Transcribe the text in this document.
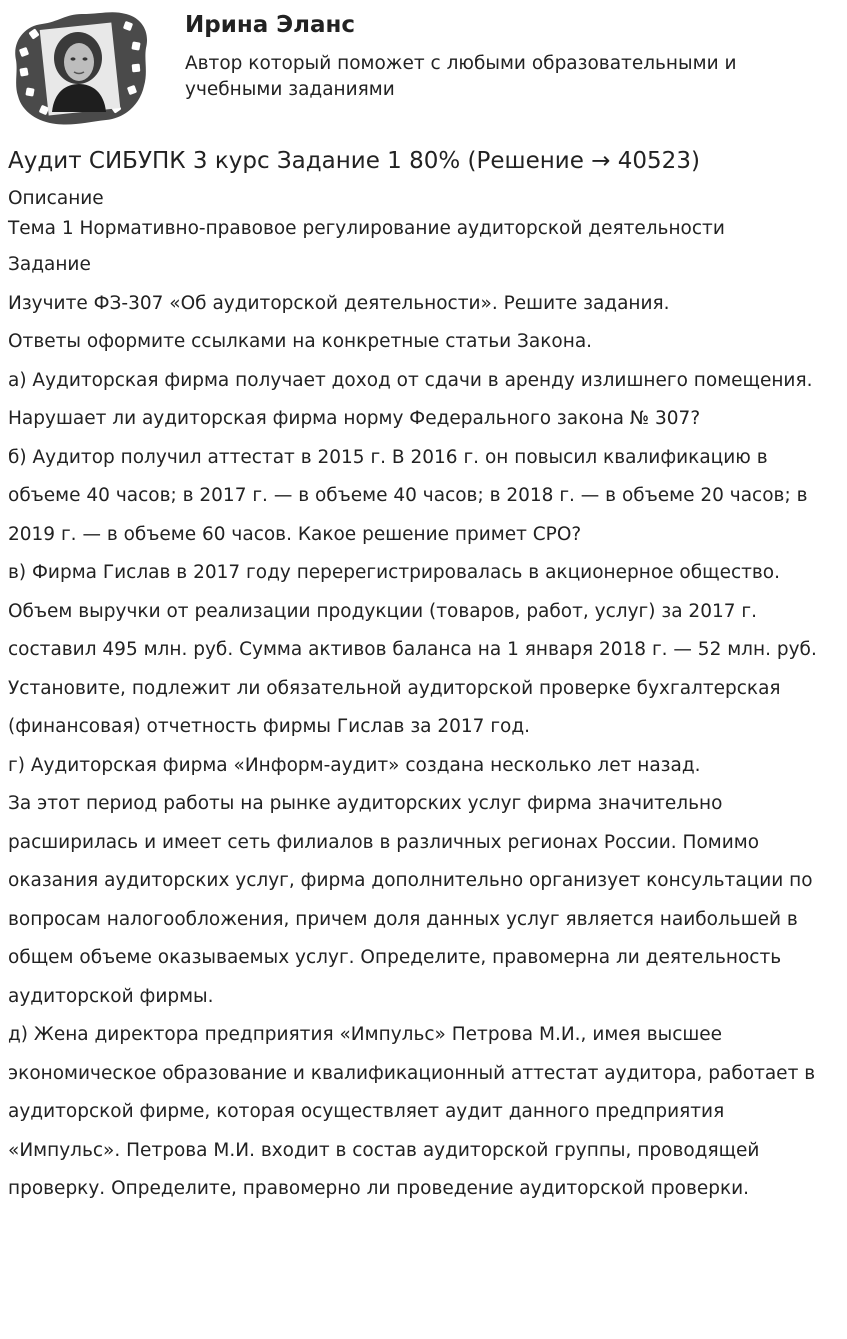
Ирина Эланс
Автор который поможет с любыми образовательными и учебными заданиями
Аудит СИБУПК 3 курс Задание 1 80% (Решение → 40523)
Описание

Тема 1 Нормативно-правовое регулирование аудиторской деятельности

Задание

Изучите ФЗ-307 «Об аудиторской деятельности». Решите задания.

Ответы оформите ссылками на конкретные статьи Закона.

а) Аудиторская фирма получает доход от сдачи в аренду излишнего помещения. Нарушает ли аудиторская фирма норму Федерального закона № 307?

б) Аудитор получил аттестат в 2015 г. В 2016 г. он повысил квалификацию в объеме 40 часов; в 2017 г. — в объеме 40 часов; в 2018 г. — в объеме 20 часов; в 2019 г. — в объеме 60 часов. Какое решение примет СРО?

в) Фирма Гислав в 2017 году перерегистрировалась в акционерное общество. Объем выручки от реализации продукции (товаров, работ, услуг) за 2017 г. составил 495 млн. руб. Сумма активов баланса на 1 января 2018 г. — 52 млн. руб. Установите, подлежит ли обязательной аудиторской проверке бухгалтерская (финансовая) отчетность фирмы Гислав за 2017 год.

г) Аудиторская фирма «Информ-аудит» создана несколько лет назад.

За этот период работы на рынке аудиторских услуг фирма значительно расширилась и имеет сеть филиалов в различных регионах России. Помимо оказания аудиторских услуг, фирма дополнительно организует консультации по вопросам налогообложения, причем доля данных услуг является наибольшей в общем объеме оказываемых услуг. Определите, правомерна ли деятельность аудиторской фирмы.

д) Жена директора предприятия «Импульс» Петрова М.И., имея высшее экономическое образование и квалификационный аттестат аудитора, работает в аудиторской фирме, которая осуществляет аудит данного предприятия «Импульс». Петрова М.И. входит в состав аудиторской группы, проводящей проверку. Определите, правомерно ли проведение аудиторской проверки.
